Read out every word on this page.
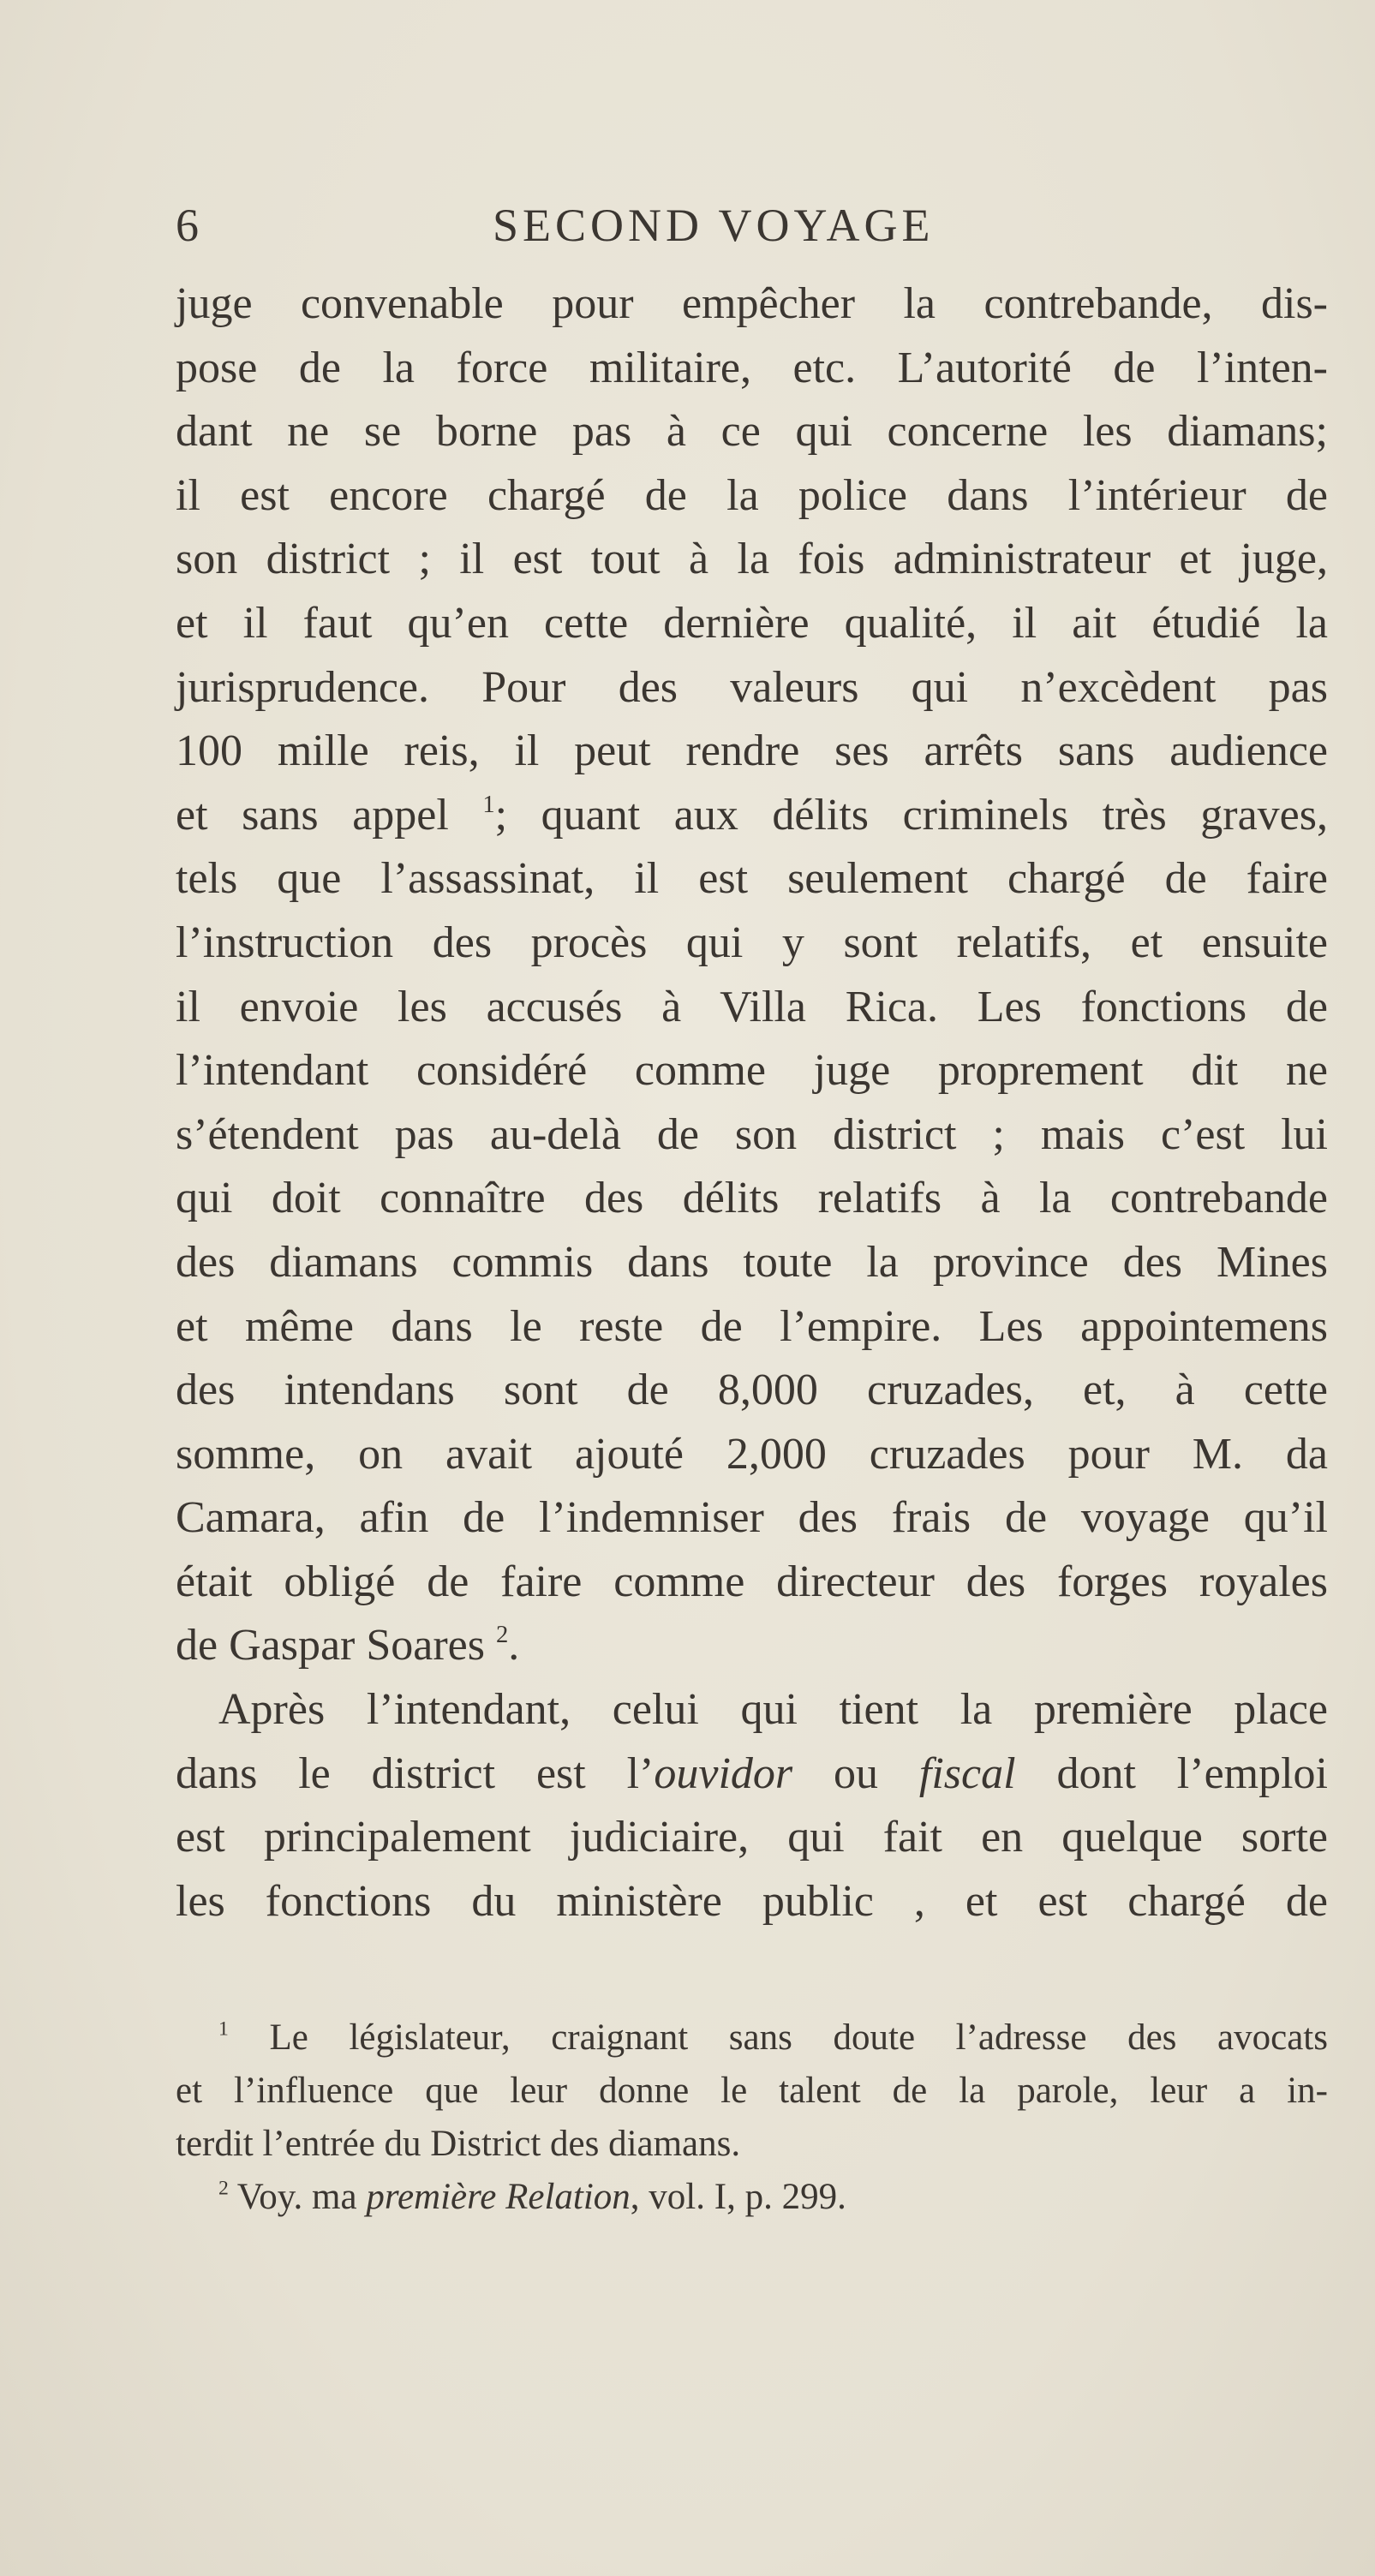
6	SECOND VOYAGE
juge convenable pour empêcher la contrebande, dis-
pose de la force militaire, etc. L’autorité de l’inten-
dant ne se borne pas à ce qui concerne les diamans;
il est encore chargé de la police dans l’intérieur de
son district ; il est tout à la fois administrateur et juge,
et il faut qu’en cette dernière qualité, il ait étudié la
jurisprudence. Pour des valeurs qui n’excèdent pas
100 mille reis, il peut rendre ses arrêts sans audience
et sans appel $^1$; quant aux délits criminels très graves,
tels que l’assassinat, il est seulement chargé de faire
l’instruction des procès qui y sont relatifs, et ensuite
il envoie les accusés à Villa Rica. Les fonctions de
l’intendant considéré comme juge proprement dit ne
s’étendent pas au-delà de son district ; mais c’est lui
qui doit connaître des délits relatifs à la contrebande
des diamans commis dans toute la province des Mines
et même dans le reste de l’empire. Les appointemens
des intendans sont de 8,000 cruzades, et, à cette
somme, on avait ajouté 2,000 cruzades pour M. da
Camara, afin de l’indemniser des frais de voyage qu’il
était obligé de faire comme directeur des forges royales
de Gaspar Soares $^2$.
Après l’intendant, celui qui tient la première place
dans le district est l’ouvidor ou fiscal dont l’emploi
est principalement judiciaire, qui fait en quelque sorte
les fonctions du ministère public , et est chargé de
$^1$ Le législateur, craignant sans doute l’adresse des avocats
et l’influence que leur donne le talent de la parole, leur a in-
terdit l’entrée du District des diamans.
$^2$ Voy. ma première Relation, vol. I, p. 299.
